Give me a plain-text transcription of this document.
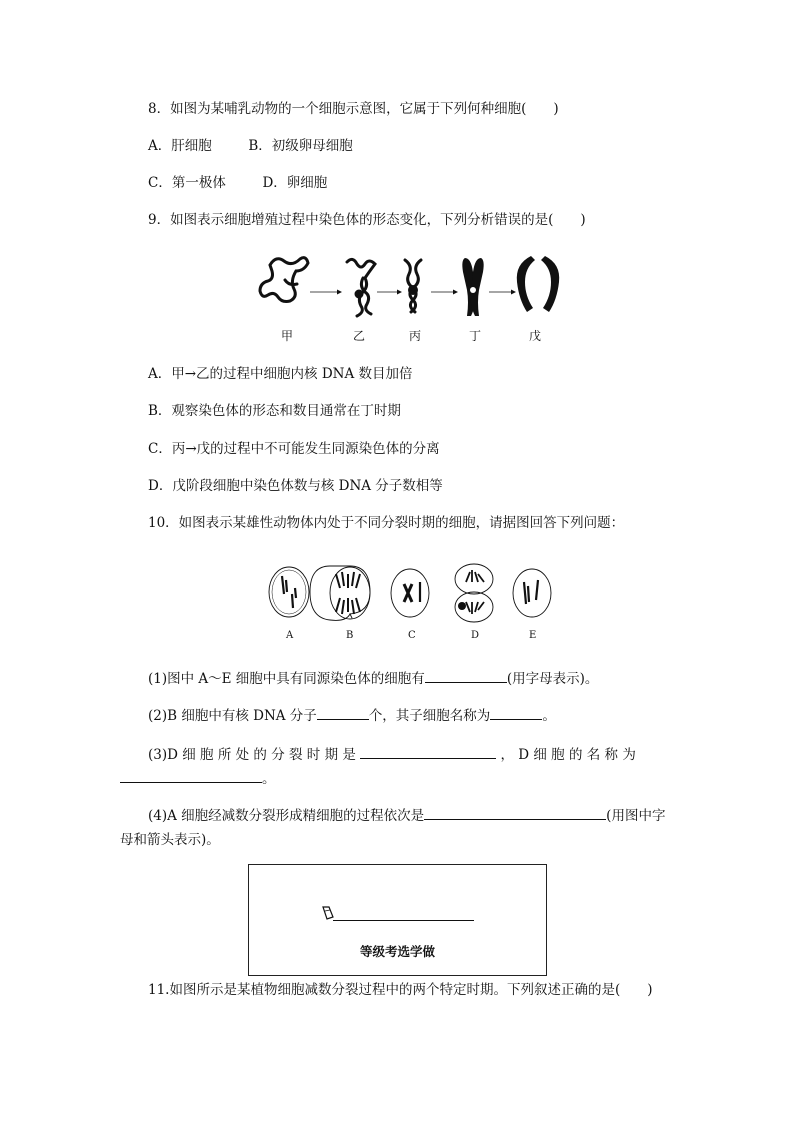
8．如图为某哺乳动物的一个细胞示意图，它属于下列何种细胞(　　)
A．肝细胞	B．初级卵母细胞
C．第一极体	D．卵细胞
9．如图表示细胞增殖过程中染色体的形态变化，下列分析错误的是(　　)
甲	乙	丙	丁	戊
A．甲→乙的过程中细胞内核 DNA 数目加倍
B．观察染色体的形态和数目通常在丁时期
C．丙→戊的过程中不可能发生同源染色体的分离
D．戊阶段细胞中染色体数与核 DNA 分子数相等
10．如图表示某雄性动物体内处于不同分裂时期的细胞，请据图回答下列问题：
A	B	C	D	E
(1)图中 A～E 细胞中具有同源染色体的细胞有	(用字母表示)。
(2)B 细胞中有核 DNA 分子	个，其子细胞名称为	。
(3)D 细 胞 所 处 的 分 裂 时 期 是	， D 细 胞 的 名 称 为
。
(4)A 细胞经减数分裂形成精细胞的过程依次是	(用图中字
母和箭头表示)。
等级考选学做
11.如图所示是某植物细胞减数分裂过程中的两个特定时期。下列叙述正确的是(　　)
